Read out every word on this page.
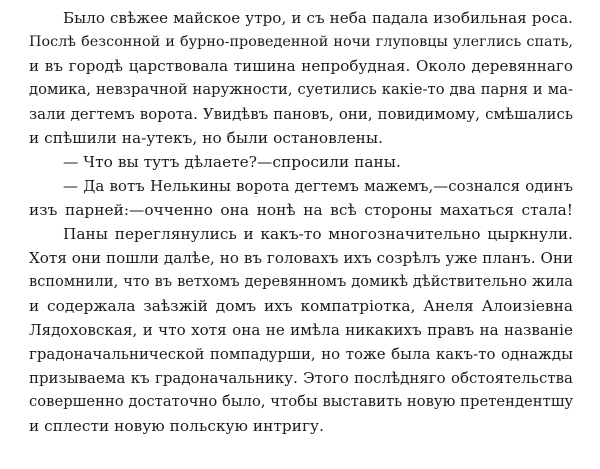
Было свѣжее майское утро, и съ неба падала изобильная роса.
Послѣ безсонной и бурно-проведенной ночи глуповцы улеглись спать,
и въ городѣ царствовала тишина непробудная. Около деревяннаго
домика, невзрачной наружности, суетились какіе-то два парня и ма-
зали дегтемъ ворота. Увидѣвъ пановъ, они, повидимому, смѣшались
и спѣшили на-утекъ, но были остановлены.
— Что вы тутъ дѣлаете?—спросили паны.
— Да вотъ Нелькины ворота дегтемъ мажемъ,—сознался одинъ
изъ парней:—очченно она нонѣ на всѣ стороны махаться стала!
Паны переглянулись и какъ-то многозначительно цыркнули.
Хотя они пошли далѣе, но въ головахъ ихъ созрѣлъ уже планъ. Они
вспомнили, что въ ветхомъ деревянномъ домикѣ дѣйствительно жила
и содержала заѣзжій домъ ихъ компатріотка, Анеля Алоизіевна
Лядоховская, и что хотя она не имѣла никакихъ правъ на названіе
градоначальнической помпадурши, но тоже была какъ-то однажды
призываема къ градоначальнику. Этого послѣдняго обстоятельства
совершенно достаточно было, чтобы выставить новую претендентшу
и сплести новую польскую интригу.
